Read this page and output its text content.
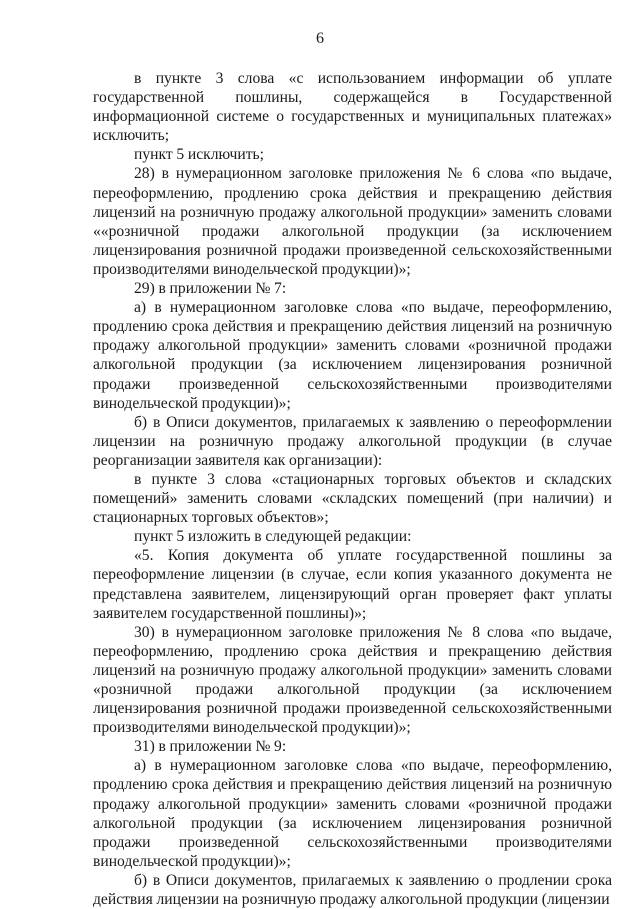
6

в пункте 3 слова «с использованием информации об уплате государственной пошлины, содержащейся в Государственной информационной системе о государственных и муниципальных платежах» исключить;

пункт 5 исключить;

28) в нумерационном заголовке приложения № 6 слова «по выдаче, переоформлению, продлению срока действия и прекращению действия лицензий на розничную продажу алкогольной продукции» заменить словами ««розничной продажи алкогольной продукции (за исключением лицензирования розничной продажи произведенной сельскохозяйственными производителями винодельческой продукции)»;

29) в приложении № 7:

а) в нумерационном заголовке слова «по выдаче, переоформлению, продлению срока действия и прекращению действия лицензий на розничную продажу алкогольной продукции» заменить словами «розничной продажи алкогольной продукции (за исключением лицензирования розничной продажи произведенной сельскохозяйственными производителями винодельческой продукции)»;

б) в Описи документов, прилагаемых к заявлению о переоформлении лицензии на розничную продажу алкогольной продукции (в случае реорганизации заявителя как организации):

в пункте 3 слова «стационарных торговых объектов и складских помещений» заменить словами «складских помещений (при наличии) и стационарных торговых объектов»;

пункт 5 изложить в следующей редакции:

«5. Копия документа об уплате государственной пошлины за переоформление лицензии (в случае, если копия указанного документа не представлена заявителем, лицензирующий орган проверяет факт уплаты заявителем государственной пошлины)»;

30) в нумерационном заголовке приложения № 8 слова «по выдаче, переоформлению, продлению срока действия и прекращению действия лицензий на розничную продажу алкогольной продукции» заменить словами «розничной продажи алкогольной продукции (за исключением лицензирования розничной продажи произведенной сельскохозяйственными производителями винодельческой продукции)»;

31) в приложении № 9:

а) в нумерационном заголовке слова «по выдаче, переоформлению, продлению срока действия и прекращению действия лицензий на розничную продажу алкогольной продукции» заменить словами «розничной продажи алкогольной продукции (за исключением лицензирования розничной продажи произведенной сельскохозяйственными производителями винодельческой продукции)»;

б) в Описи документов, прилагаемых к заявлению о продлении срока действия лицензии на розничную продажу алкогольной продукции (лицензии
